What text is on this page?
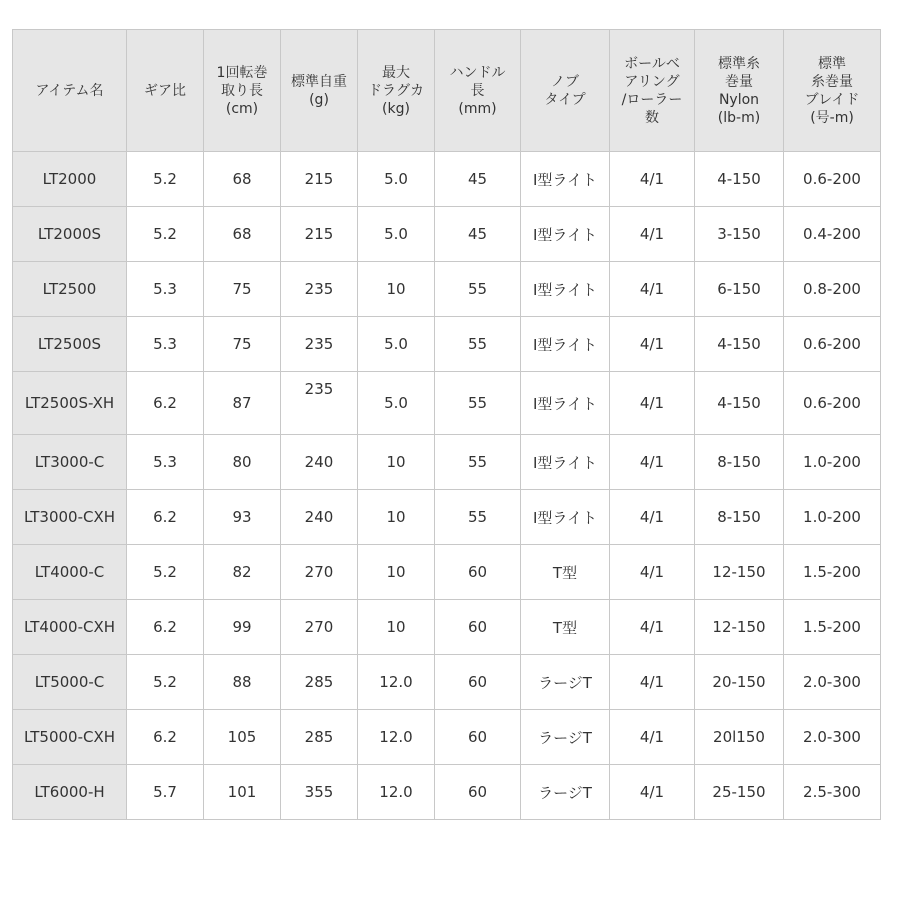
アイテム名	ギア比	1回転巻
取り長
(cm)	標準自重
(g)	最大
ドラグカ
(kg)	ハンドル
長
(mm)	ノブ
タイプ	ボールベ
アリング
/ローラー
数	標準糸
巻量
Nylon
(lb-m)	標準
糸巻量
ブレイド
(号-m)

LT2000	5.2	68	215	5.0	45	I型ライト	4/1	4-150	0.6-200
LT2000S	5.2	68	215	5.0	45	I型ライト	4/1	3-150	0.4-200
LT2500	5.3	75	235	10	55	I型ライト	4/1	6-150	0.8-200
LT2500S	5.3	75	235	5.0	55	I型ライト	4/1	4-150	0.6-200
LT2500S-XH	6.2	87	235	5.0	55	I型ライト	4/1	4-150	0.6-200
LT3000-C	5.3	80	240	10	55	I型ライト	4/1	8-150	1.0-200
LT3000-CXH	6.2	93	240	10	55	I型ライト	4/1	8-150	1.0-200
LT4000-C	5.2	82	270	10	60	T型	4/1	12-150	1.5-200
LT4000-CXH	6.2	99	270	10	60	T型	4/1	12-150	1.5-200
LT5000-C	5.2	88	285	12.0	60	ラージT	4/1	20-150	2.0-300
LT5000-CXH	6.2	105	285	12.0	60	ラージT	4/1	20l150	2.0-300
LT6000-H	5.7	101	355	12.0	60	ラージT	4/1	25-150	2.5-300
